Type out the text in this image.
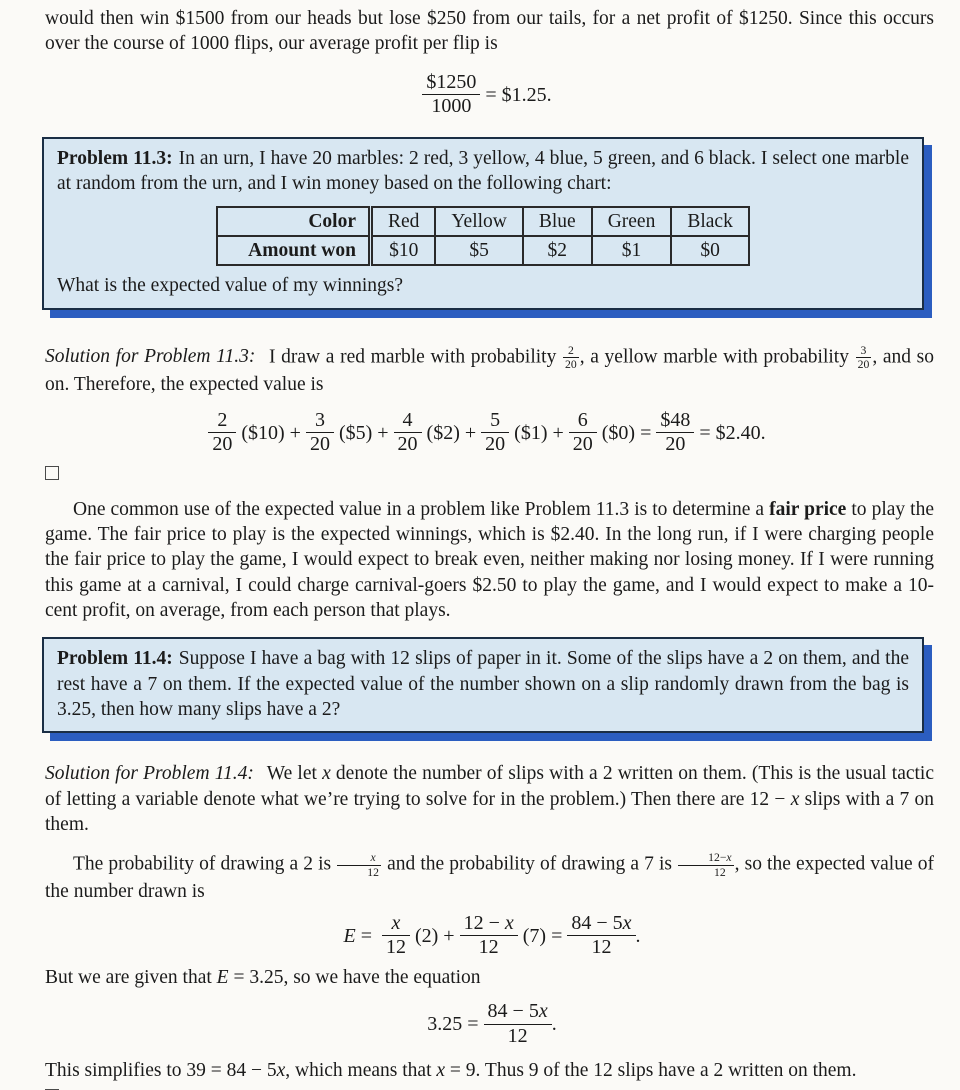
would then win $1500 from our heads but lose $250 from our tails, for a net profit of $1250. Since this occurs over the course of 1000 flips, our average profit per flip is

$\frac{\$1250}{1000}$ = $1.25.

Problem 11.3: In an urn, I have 20 marbles: 2 red, 3 yellow, 4 blue, 5 green, and 6 black. I select one marble at random from the urn, and I win money based on the following chart:

Color	Red	Yellow	Blue	Green	Black
Amount won	$10	$5	$2	$1	$0

What is the expected value of my winnings?

Solution for Problem 11.3: I draw a red marble with probability $\frac{2}{20}$ , a yellow marble with probability $\frac{3}{20}$ , and so on. Therefore, the expected value is

2
20
($10) + $\frac{3}{20}$ ($5) + $\frac{4}{20}$ ($2) + $\frac{5}{20}$ ($1) + $\frac{6}{20}$ ($0) = $\frac{\$48}{20}$ = $2.40.

One common use of the expected value in a problem like Problem 11.3 is to determine a fair price to play the game. The fair price to play is the expected winnings, which is $2.40. In the long run, if I were charging people the fair price to play the game, I would expect to break even, neither making nor losing money. If I were running this game at a carnival, I could charge carnival-goers $2.50 to play the game, and I would expect to make a 10-cent profit, on average, from each person that plays.

Problem 11.4: Suppose I have a bag with 12 slips of paper in it. Some of the slips have a 2 on them, and the rest have a 7 on them. If the expected value of the number shown on a slip randomly drawn from the bag is 3.25, then how many slips have a 2?

Solution for Problem 11.4: We let x denote the number of slips with a 2 written on them. (This is the usual tactic of letting a variable denote what we’re trying to solve for in the problem.) Then there are 12 − x slips with a 7 on them.

The probability of drawing a 2 is $\frac{x}{12}$ and the probability of drawing a 7 is $\frac{12-x}{12}$ , so the expected value of the number drawn is

$E = \frac{x}{12} (2) + \frac{12 - x}{12} (7) = \frac{84 - 5x}{12}$ .

But we are given that E = 3.25, so we have the equation

$3.25 = \frac{84 - 5x}{12}$ .

This simplifies to 39 = 84 − 5x, which means that x = 9. Thus 9 of the 12 slips have a 2 written on them.
